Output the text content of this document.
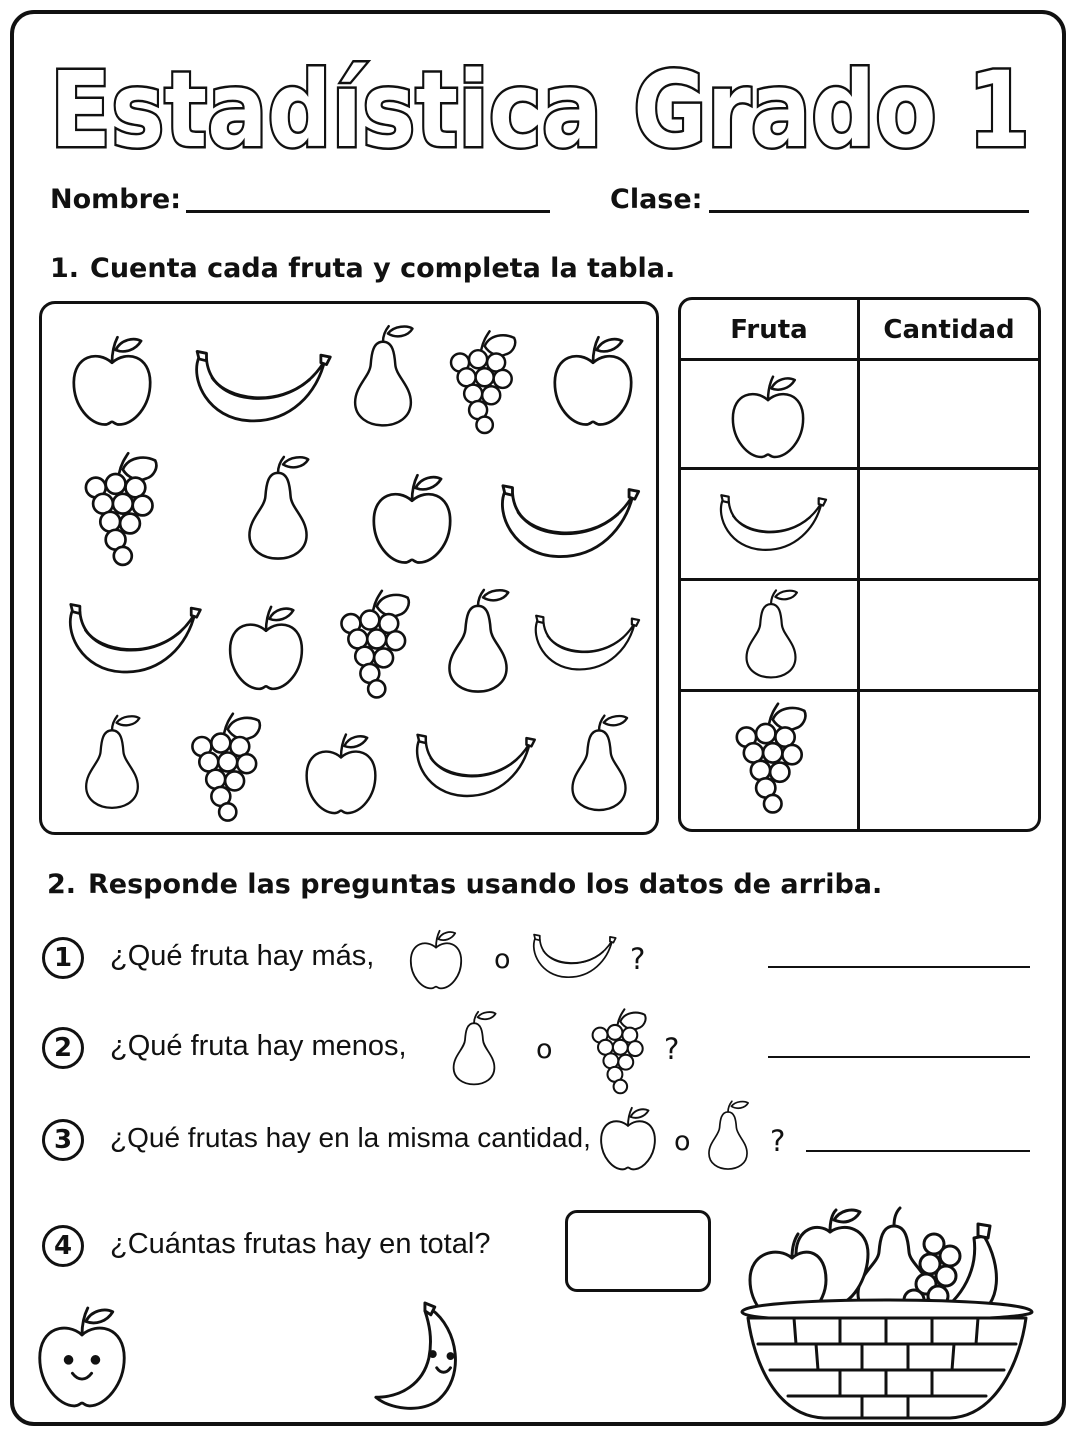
Estadística Grado 1
Nombre:	Clase:
1. Cuenta cada fruta y completa la tabla.
Fruta	Cantidad
2. Responde las preguntas usando los datos de arriba.
1	¿Qué fruta hay más,	o	?
2	¿Qué fruta hay menos,	o	?
3	¿Qué frutas hay en la misma cantidad,	o	?
4	¿Cuántas frutas hay en total?
